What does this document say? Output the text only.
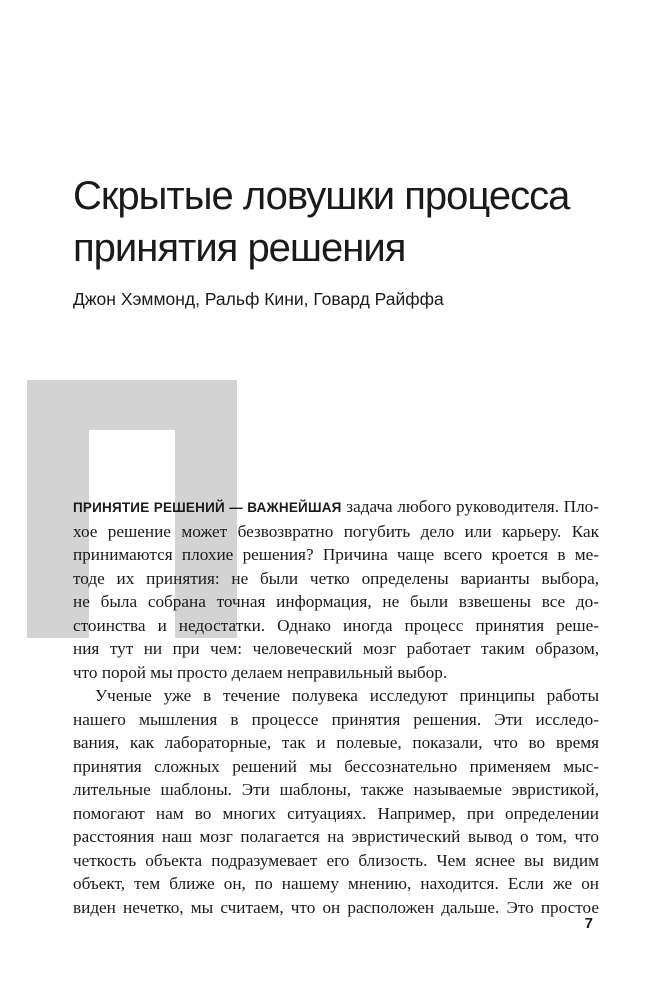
Скрытые ловушки процесса
принятия решения
Джон Хэммонд, Ральф Кини, Говард Райффа
ПРИНЯТИЕ РЕШЕНИЙ — ВАЖНЕЙШАЯ задача любого руководителя. Пло-
хое решение может безвозвратно погубить дело или карьеру. Как
принимаются плохие решения? Причина чаще всего кроется в ме-
тоде их принятия: не были четко определены варианты выбора,
не была собрана точная информация, не были взвешены все до-
стоинства и недостатки. Однако иногда процесс принятия реше-
ния тут ни при чем: человеческий мозг работает таким образом,
что порой мы просто делаем неправильный выбор.
Ученые уже в течение полувека исследуют принципы работы
нашего мышления в процессе принятия решения. Эти исследо-
вания, как лабораторные, так и полевые, показали, что во время
принятия сложных решений мы бессознательно применяем мыс-
лительные шаблоны. Эти шаблоны, также называемые эвристикой,
помогают нам во многих ситуациях. Например, при определении
расстояния наш мозг полагается на эвристический вывод о том, что
четкость объекта подразумевает его близость. Чем яснее вы видим
объект, тем ближе он, по нашему мнению, находится. Если же он
виден нечетко, мы считаем, что он расположен дальше. Это простое
7
